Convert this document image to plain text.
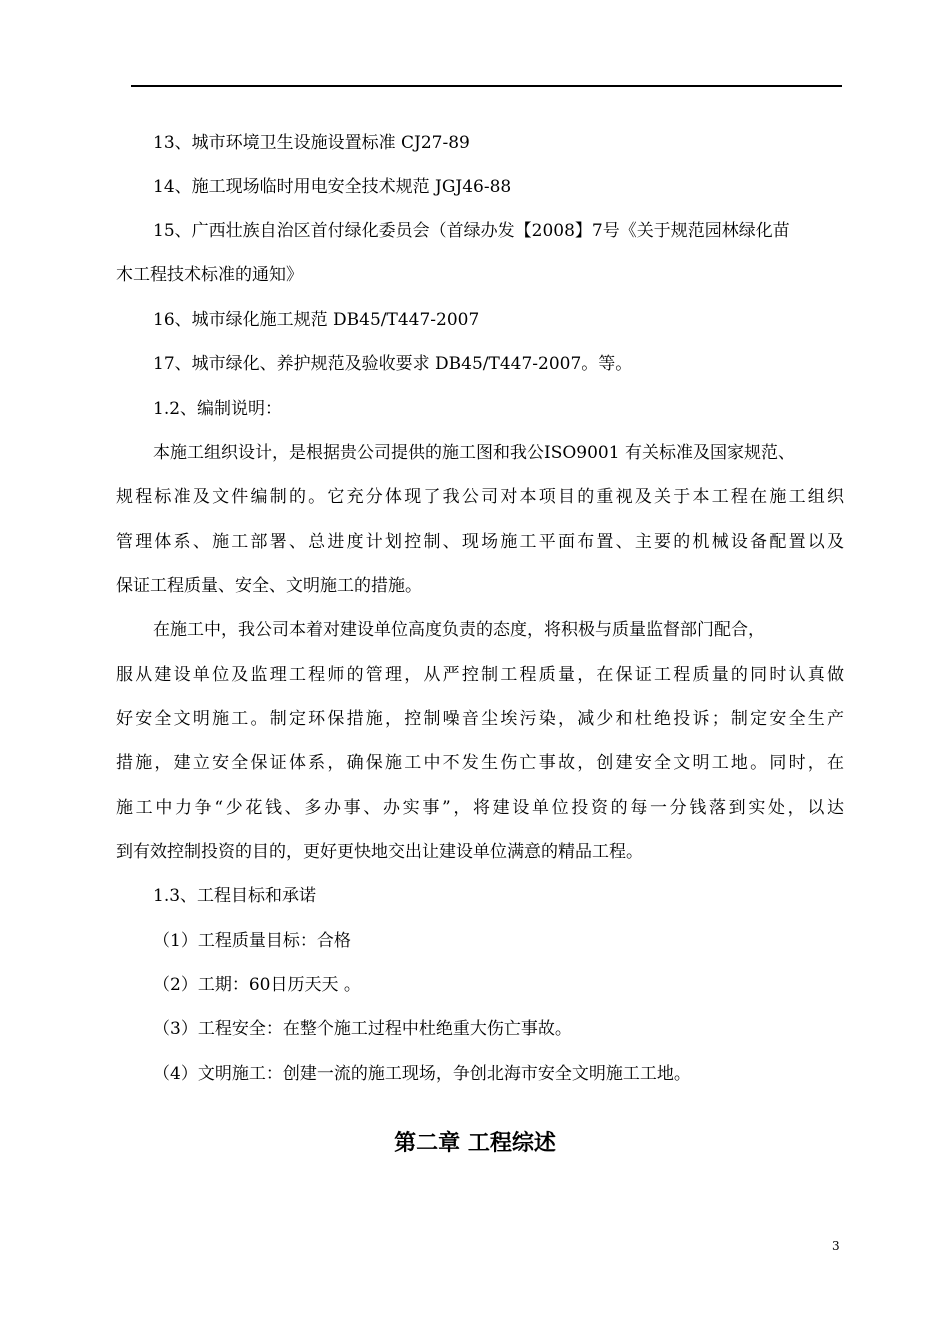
13、城市环境卫生设施设置标准 CJ27-89
14、施工现场临时用电安全技术规范 JGJ46-88
15、广西壮族自治区首付绿化委员会（首绿办发【2008】7号《关于规范园林绿化苗
木工程技术标准的通知》
16、城市绿化施工规范 DB45/T447-2007
17、城市绿化、养护规范及验收要求 DB45/T447-2007。等。
1.2、编制说明：
本施工组织设计，是根据贵公司提供的施工图和我公ISO9001 有关标准及国家规范、
规程标准及文件编制的。它充分体现了我公司对本项目的重视及关于本工程在施工组织
管理体系、施工部署、总进度计划控制、现场施工平面布置、主要的机械设备配置以及
保证工程质量、安全、文明施工的措施。
在施工中，我公司本着对建设单位高度负责的态度，将积极与质量监督部门配合，
服从建设单位及监理工程师的管理，从严控制工程质量，在保证工程质量的同时认真做
好安全文明施工。制定环保措施，控制噪音尘埃污染，减少和杜绝投诉；制定安全生产
措施，建立安全保证体系，确保施工中不发生伤亡事故，创建安全文明工地。同时，在
施工中力争“少花钱、多办事、办实事”，将建设单位投资的每一分钱落到实处，以达
到有效控制投资的目的，更好更快地交出让建设单位满意的精品工程。
1.3、工程目标和承诺
（1）工程质量目标：合格
（2）工期：60日历天天 。
（3）工程安全：在整个施工过程中杜绝重大伤亡事故。
（4）文明施工：创建一流的施工现场，争创北海市安全文明施工工地。
第二章 工程综述
3
